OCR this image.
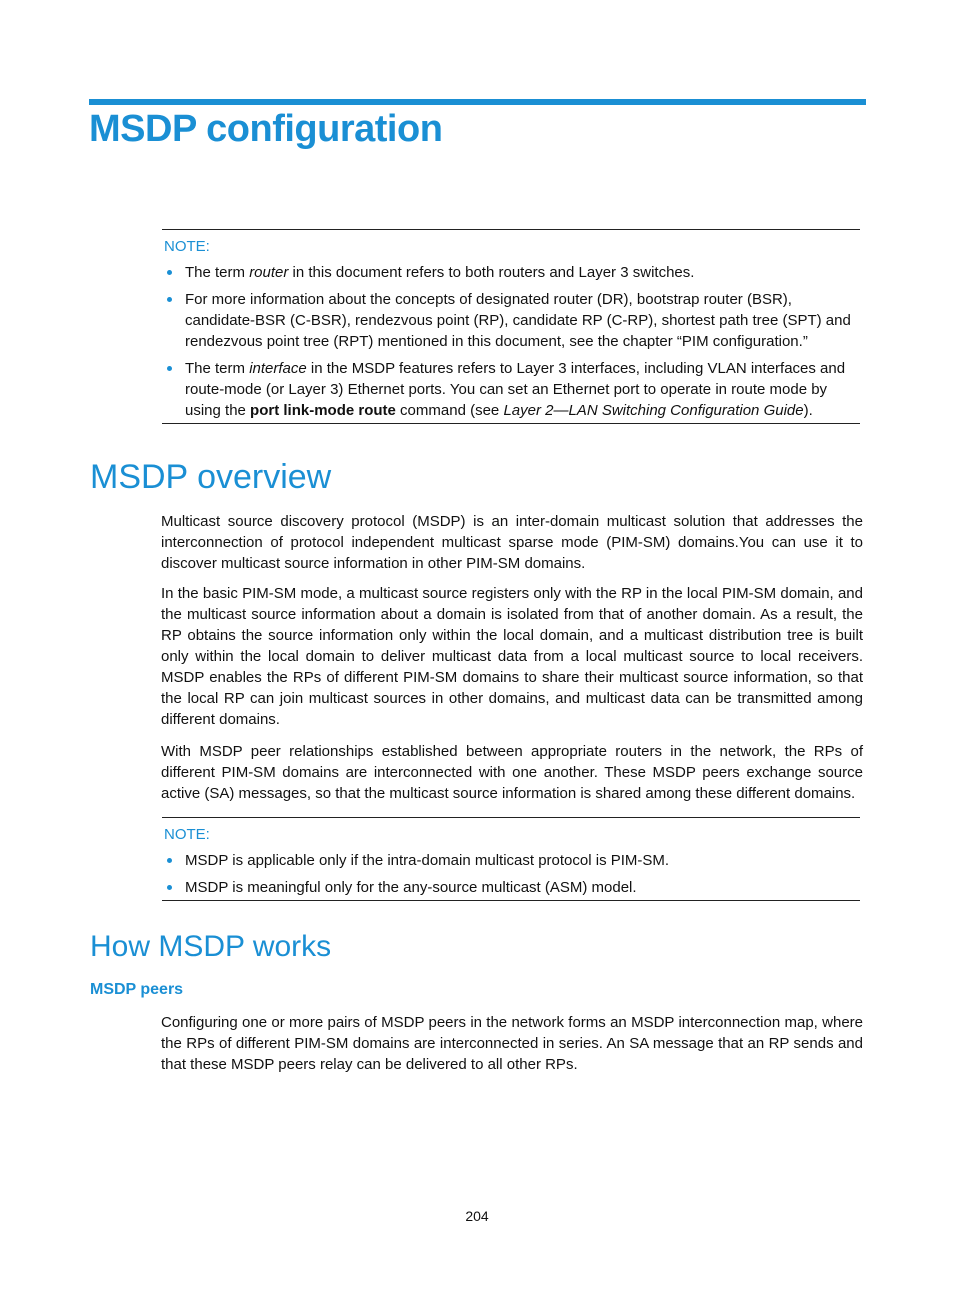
MSDP configuration
NOTE:
The term router in this document refers to both routers and Layer 3 switches.
For more information about the concepts of designated router (DR), bootstrap router (BSR), candidate-BSR (C-BSR), rendezvous point (RP), candidate RP (C-RP), shortest path tree (SPT) and rendezvous point tree (RPT) mentioned in this document, see the chapter “PIM configuration.”
The term interface in the MSDP features refers to Layer 3 interfaces, including VLAN interfaces and route-mode (or Layer 3) Ethernet ports. You can set an Ethernet port to operate in route mode by using the port link-mode route command (see Layer 2—LAN Switching Configuration Guide).
MSDP overview

Multicast source discovery protocol (MSDP) is an inter-domain multicast solution that addresses the interconnection of protocol independent multicast sparse mode (PIM-SM) domains.You can use it to discover multicast source information in other PIM-SM domains.

In the basic PIM-SM mode, a multicast source registers only with the RP in the local PIM-SM domain, and the multicast source information about a domain is isolated from that of another domain. As a result, the RP obtains the source information only within the local domain, and a multicast distribution tree is built only within the local domain to deliver multicast data from a local multicast source to local receivers. MSDP enables the RPs of different PIM-SM domains to share their multicast source information, so that the local RP can join multicast sources in other domains, and multicast data can be transmitted among different domains.

With MSDP peer relationships established between appropriate routers in the network, the RPs of different PIM-SM domains are interconnected with one another. These MSDP peers exchange source active (SA) messages, so that the multicast source information is shared among these different domains.

NOTE:
MSDP is applicable only if the intra-domain multicast protocol is PIM-SM.
MSDP is meaningful only for the any-source multicast (ASM) model.
How MSDP works
MSDP peers

Configuring one or more pairs of MSDP peers in the network forms an MSDP interconnection map, where the RPs of different PIM-SM domains are interconnected in series. An SA message that an RP sends and that these MSDP peers relay can be delivered to all other RPs.

204
